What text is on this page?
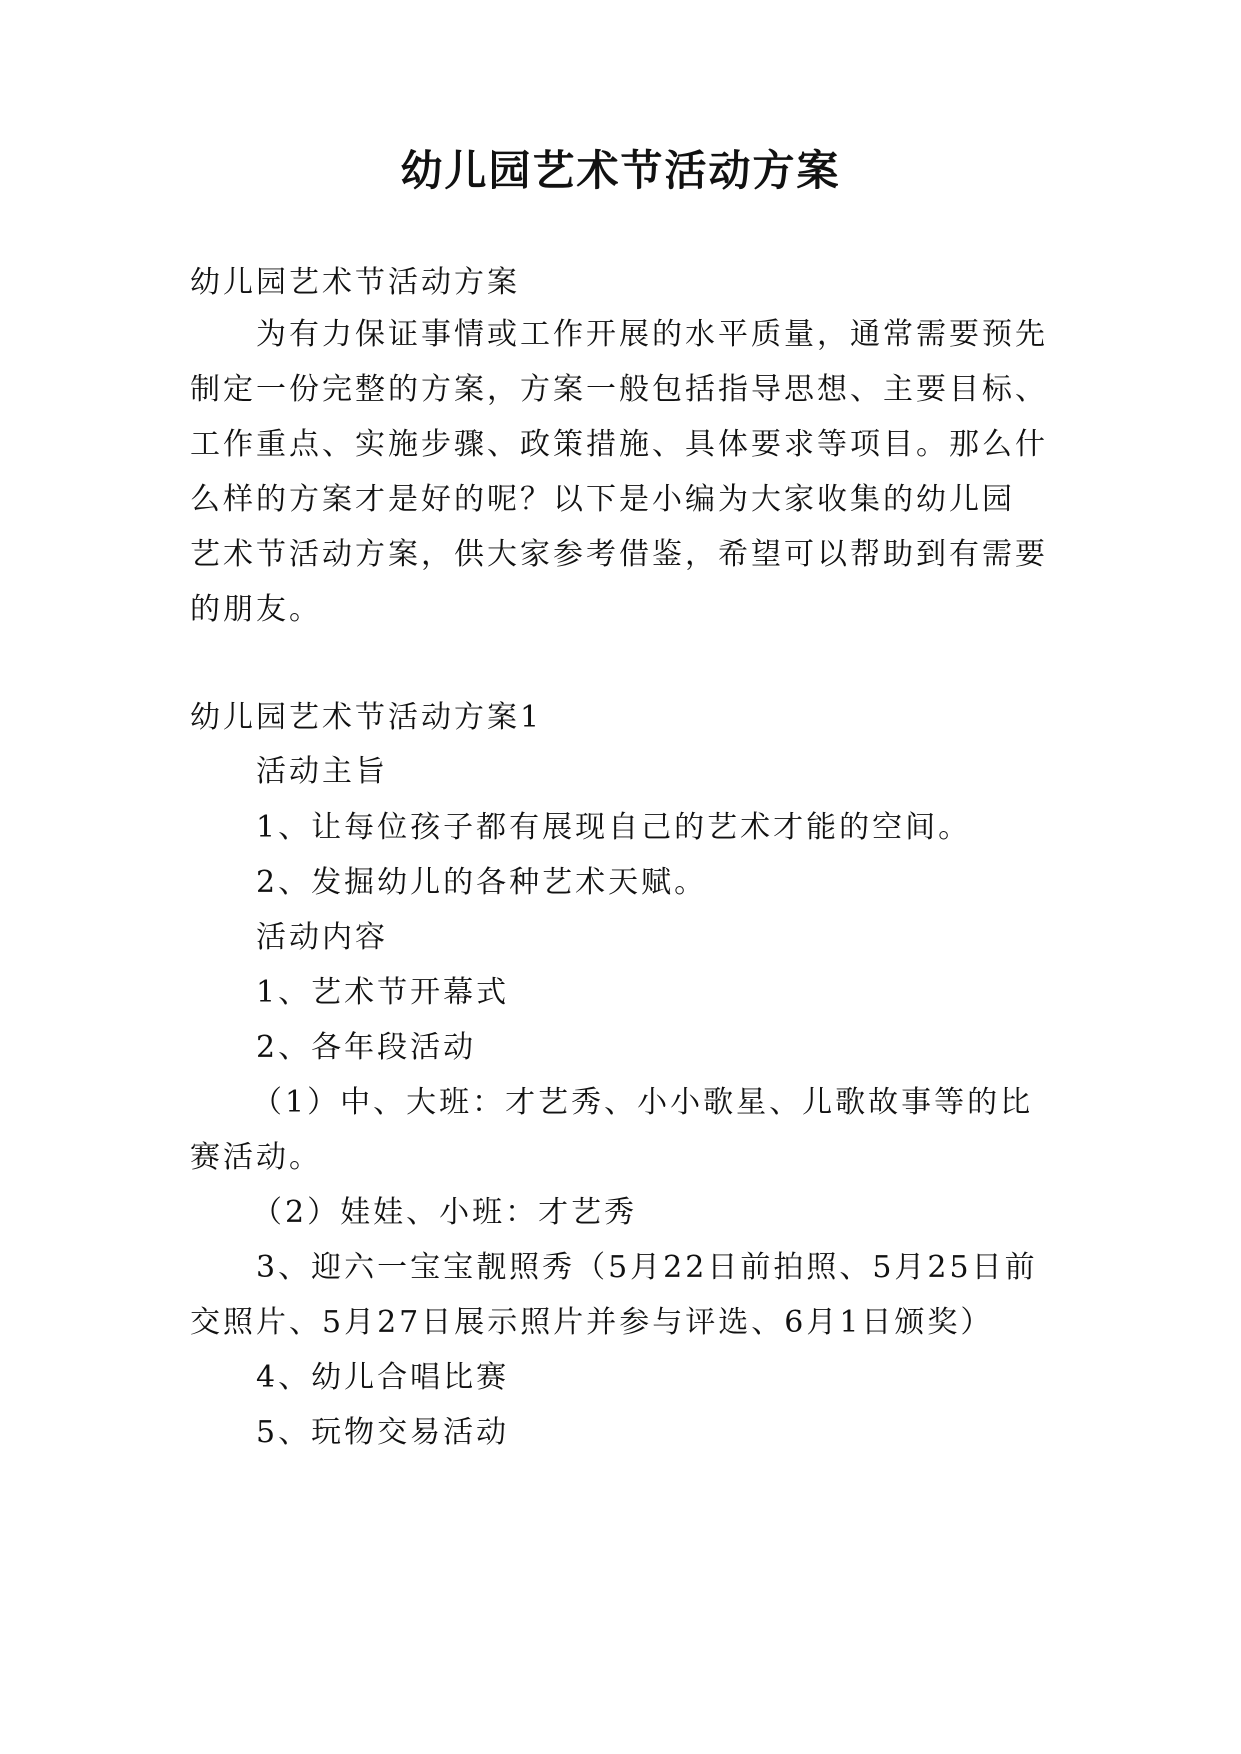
幼儿园艺术节活动方案

幼儿园艺术节活动方案

为有力保证事情或工作开展的水平质量，通常需要预先

制定一份完整的方案，方案一般包括指导思想、主要目标、

工作重点、实施步骤、政策措施、具体要求等项目。那么什

么样的方案才是好的呢？以下是小编为大家收集的幼儿园

艺术节活动方案，供大家参考借鉴，希望可以帮助到有需要

的朋友。

幼儿园艺术节活动方案1

活动主旨

1、让每位孩子都有展现自己的艺术才能的空间。

2、发掘幼儿的各种艺术天赋。

活动内容

1、艺术节开幕式

2、各年段活动

（1）中、大班：才艺秀、小小歌星、儿歌故事等的比

赛活动。

（2）娃娃、小班：才艺秀

3、迎六一宝宝靓照秀（5月22日前拍照、5月25日前

交照片、5月27日展示照片并参与评选、6月1日颁奖）

4、幼儿合唱比赛

5、玩物交易活动
